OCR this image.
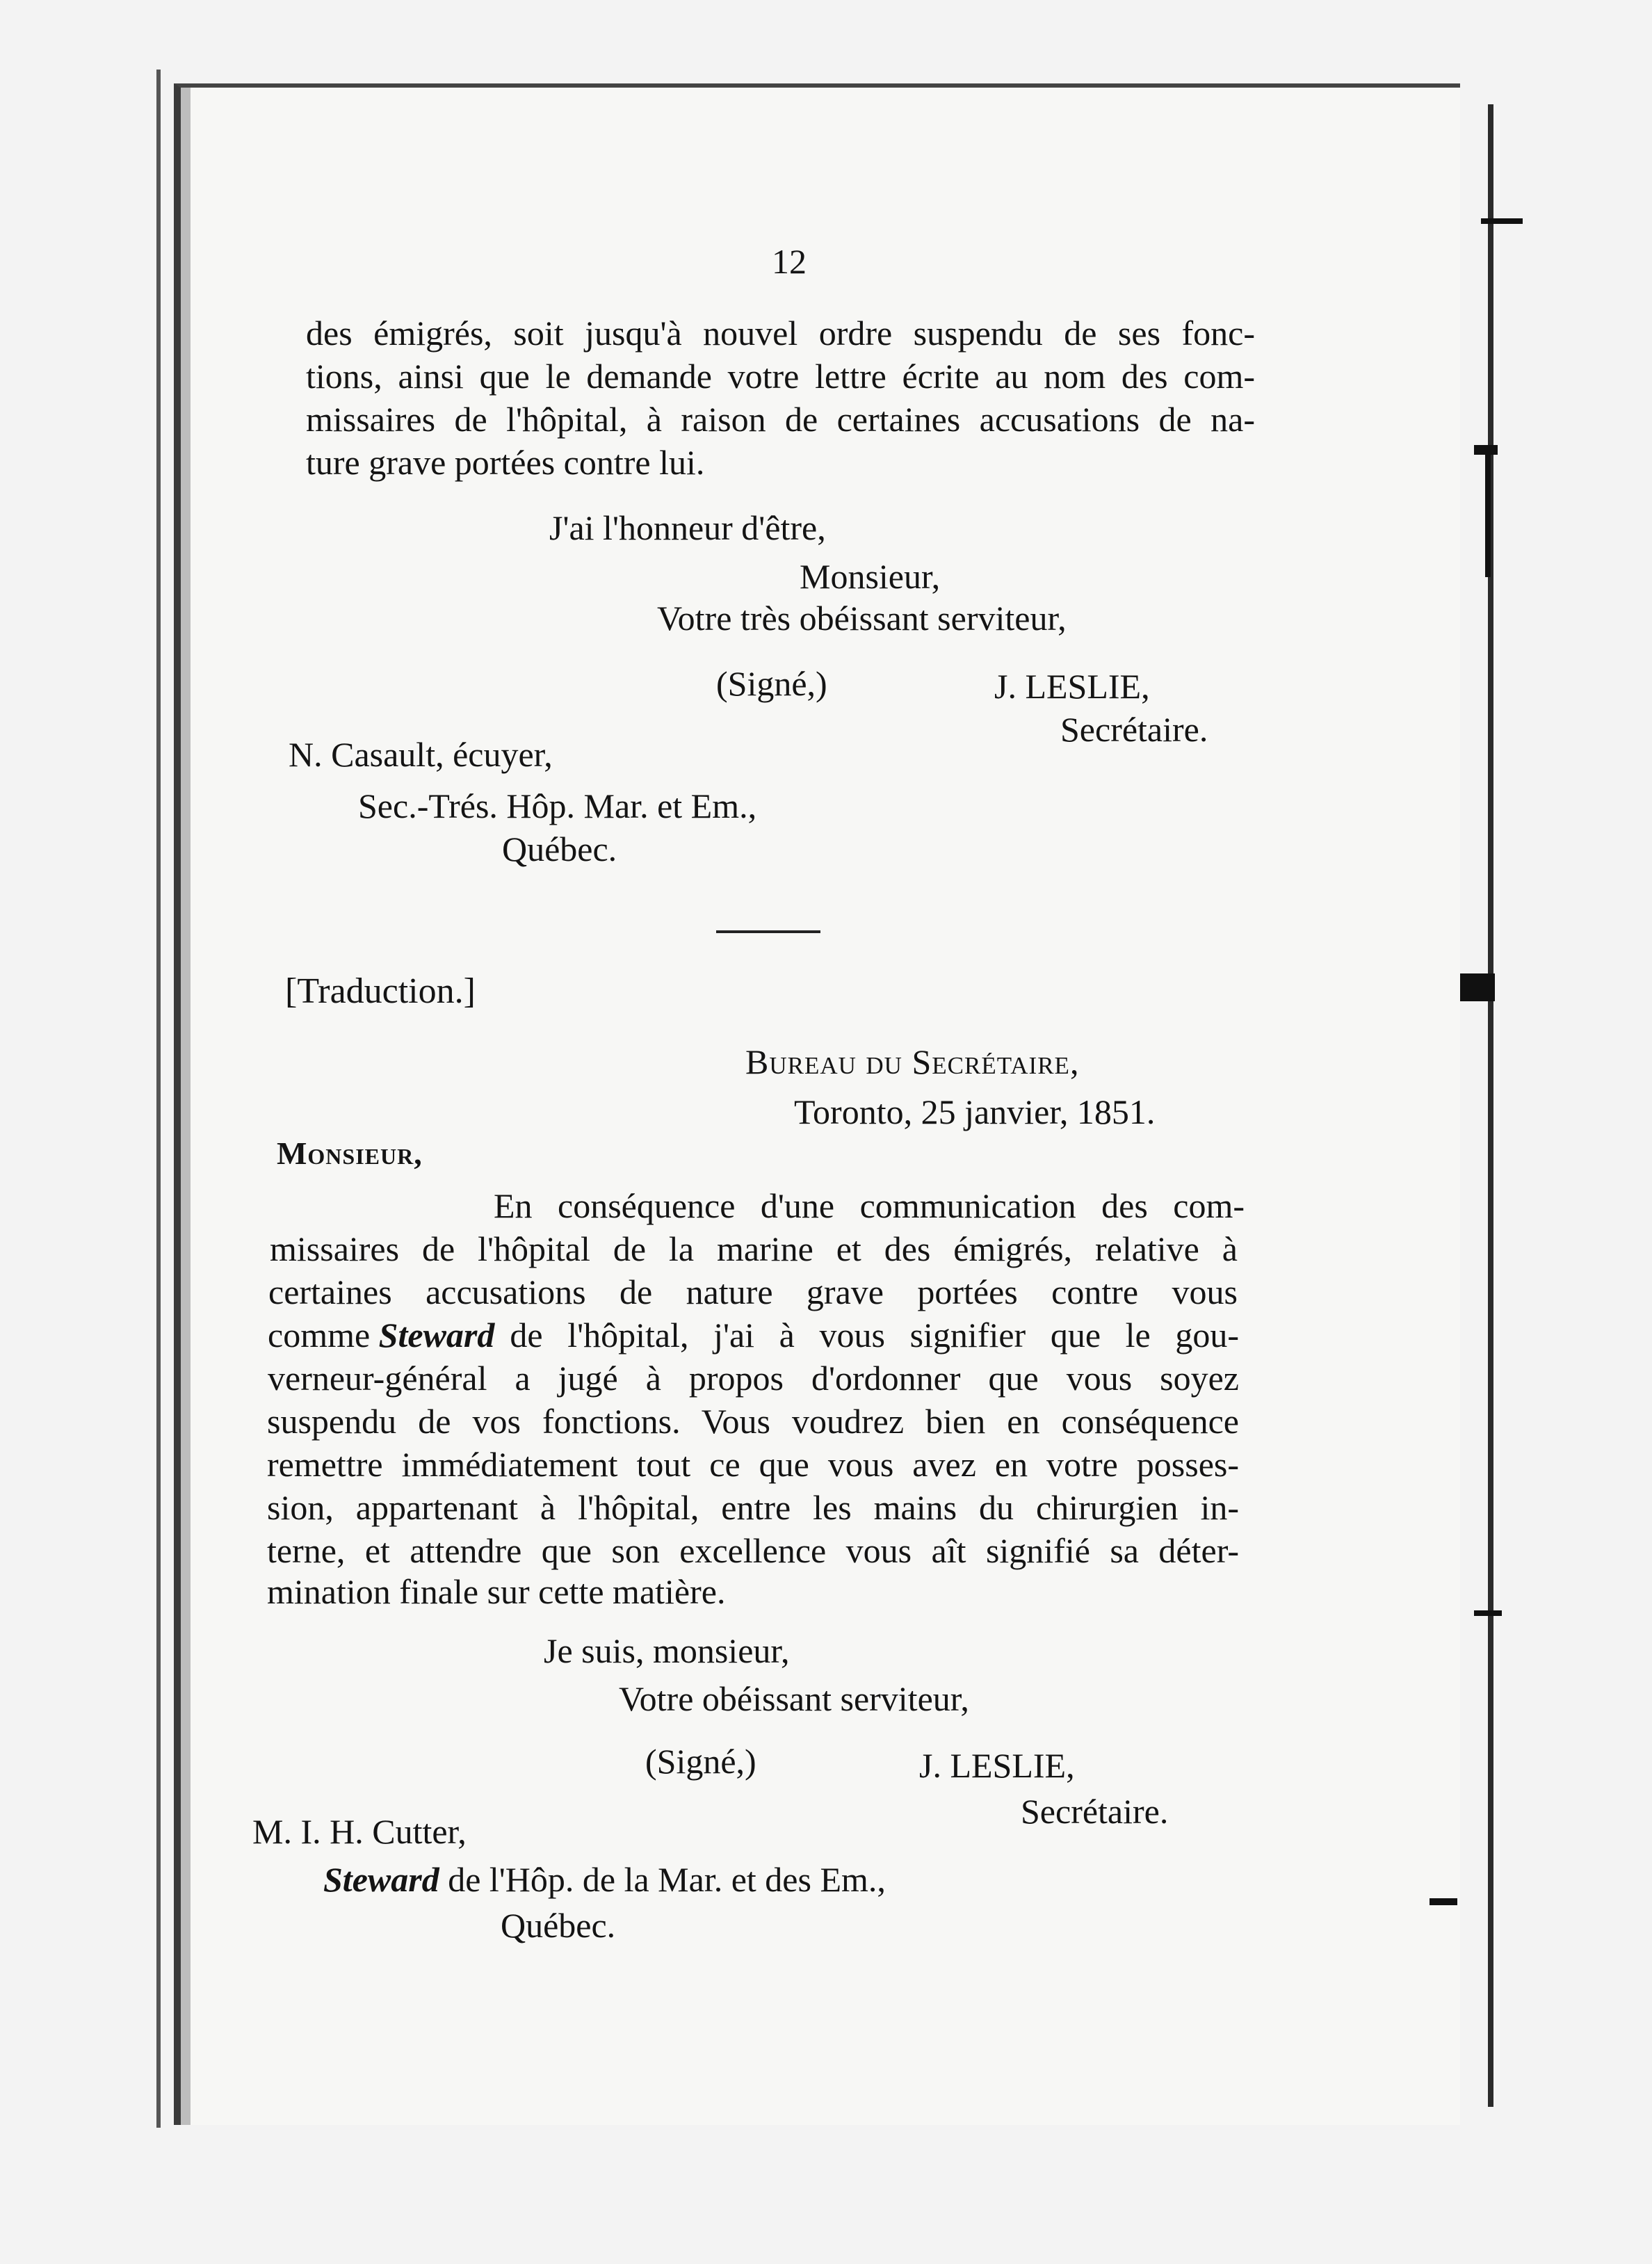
12
des émigrés, soit jusqu'à nouvel ordre suspendu de ses fonc-
tions, ainsi que le demande votre lettre écrite au nom des com-
missaires de l'hôpital, à raison de certaines accusations de na-
ture grave portées contre lui.
J'ai l'honneur d'être,
Monsieur,
Votre très obéissant serviteur,
(Signé,)	J. LESLIE,
Secrétaire.
N. Casault, écuyer,
Sec.-Trés. Hôp. Mar. et Em.,
Québec.
[Traduction.]
Bureau du Secrétaire,
Toronto, 25 janvier, 1851.
Monsieur,
En conséquence d'une communication des com-
missaires de l'hôpital de la marine et des émigrés, relative à
certaines accusations de nature grave portées contre vous
comme Steward de l'hôpital, j'ai à vous signifier que le gou-
verneur-général a jugé à propos d'ordonner que vous soyez
suspendu de vos fonctions. Vous voudrez bien en conséquence
remettre immédiatement tout ce que vous avez en votre posses-
sion, appartenant à l'hôpital, entre les mains du chirurgien in-
terne, et attendre que son excellence vous aît signifié sa déter-
mination finale sur cette matière.
Je suis, monsieur,
Votre obéissant serviteur,
(Signé,)	J. LESLIE,
Secrétaire.
M. I. H. Cutter,
Steward de l'Hôp. de la Mar. et des Em.,
Québec.
